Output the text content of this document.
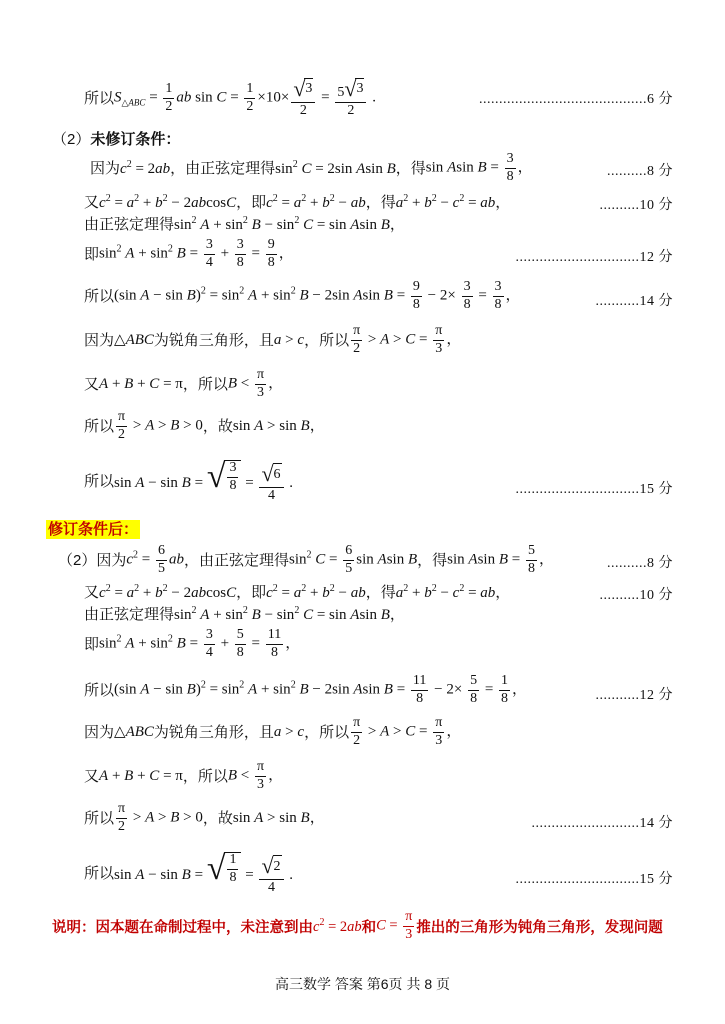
所以 $S_{\triangle ABC} = \frac{1}{2}$ ab $\sin C = \frac{1}{2} \times 10\times \frac{√ 3}{2} = \frac{5 √ 3}{2}$ .	..........................................6 分
（2）未修订条件：
因为 $c^2 = 2ab$ ，由正弦定理得 $\sin^2 C = 2\sin$ Asin B ，得 sin Asin $B = \frac{3}{8}$ ，	..........8 分
又 $c^2 = a^2 + b^2 - 2abcosC$ ，即 $c^2 = a^2 + b^2$ − ab ，得 $a^2 + b^2 - c^2$ = ab，	..........10 分
由正弦定理得 $\sin^2 A + \sin^2 B - \sin^2 C = \sin Asin$ B，
即 $\sin^2 A + \sin^2 B = \frac{3}{4} + \frac{3}{8} = \frac{9}{8}$ ，	...............................12 分
所以 (sin $A - \sin B)^2 = \sin^2 A + \sin^2 B - 2\sin$ Asin $B = \frac{9}{8} - 2\times \frac{3}{8} = \frac{3}{8}$ ，	...........14 分
因为 △ABC 为锐角三角形，且 a > c ，所以 $\frac{\pi}{2} > A > C = \frac{\pi}{3}$ ，
又 A + B + C = π ，所以 $B < \frac{\pi}{3}$ ，
所以 $\frac{\pi}{2} > A > B > 0$ ，故 sin A > sin B，
所以 sin A − sin B = √ $\frac{3}{8} = \frac{√ 6}{4}$ .	...............................15 分
修订条件后：
（2） 因为 $c^2 = \frac{6}{5}$ ab ，由正弦定理得 $\sin^2 C = \frac{6}{5}$ sin Asin B ，得 sin Asin $B = \frac{5}{8}$ ，	..........8 分
又 $c^2 = a^2 + b^2 - 2abcosC$ ，即 $c^2 = a^2 + b^2$ − ab ，得 $a^2 + b^2 - c^2$ = ab，	..........10 分
由正弦定理得 $\sin^2 A + \sin^2 B - \sin^2 C = \sin Asin$ B，
即 $\sin^2 A + \sin^2 B = \frac{3}{4} + \frac{5}{8} = \frac{11}{8}$ ，
所以 (sin $A - \sin B)^2 = \sin^2 A + \sin^2 B - 2\sin$ Asin $B = \frac{11}{8} - 2\times \frac{5}{8} = \frac{1}{8}$ ，	...........12 分
因为 △ABC 为锐角三角形，且 a > c ，所以 $\frac{\pi}{2} > A > C = \frac{\pi}{3}$ ，
又 A + B + C = π ，所以 $B < \frac{\pi}{3}$ ，
所以 $\frac{\pi}{2} > A > B > 0$ ，故 sin A > sin B，	...........................14 分
所以 sin A − sin B = √ $\frac{1}{8} = \frac{√ 2}{4}$ .	...............................15 分
说明：因本题在命制过程中，未注意到由 $c^2 = 2ab$ 和 $C = \frac{\pi}{3}$ 推出的三角形为钝角三角形，发现问题
高三数学 答案 第6页 共 8 页
